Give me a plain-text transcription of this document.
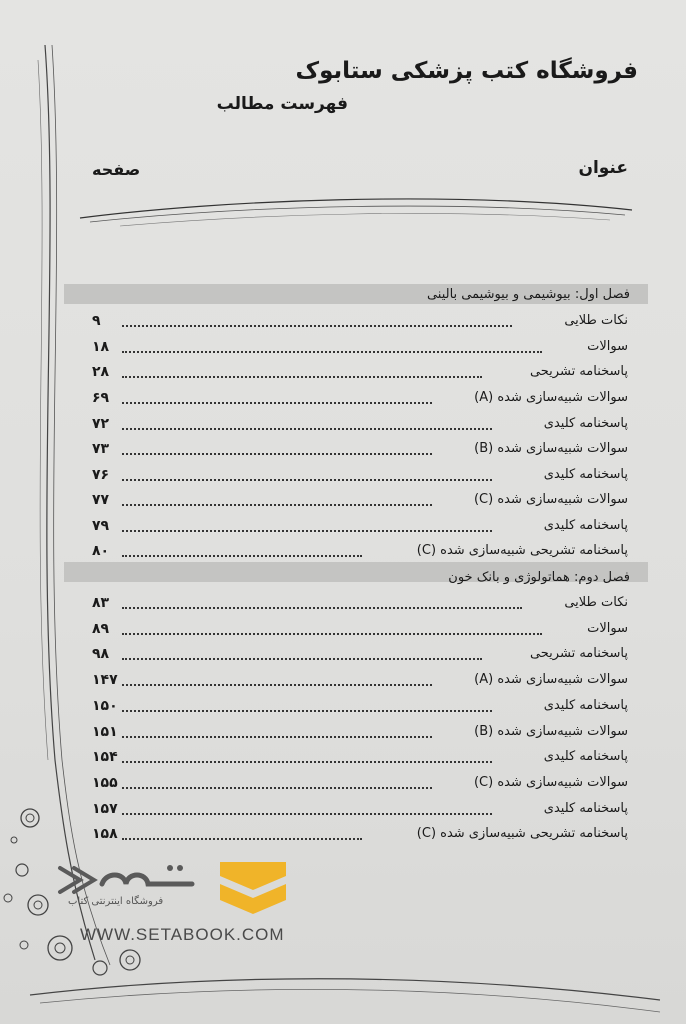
فروشگاه کتب پزشکی ستابوک
فهرست مطالب
عنوان
صفحه
فصل اول: بیوشیمی و بیوشیمی بالینی
نکات طلایی
۹
سوالات
۱۸
پاسخنامه تشریحی
۲۸
سوالات شبیه‌سازی شده (A)
۶۹
پاسخنامه کلیدی
۷۲
سوالات شبیه‌سازی شده (B)
۷۳
پاسخنامه کلیدی
۷۶
سوالات شبیه‌سازی شده (C)
۷۷
پاسخنامه کلیدی
۷۹
پاسخنامه تشریحی شبیه‌سازی شده (C)
۸۰
فصل دوم: هماتولوژی و بانک خون
نکات طلایی
۸۳
سوالات
۸۹
پاسخنامه تشریحی
۹۸
سوالات شبیه‌سازی شده (A)
۱۴۷
پاسخنامه کلیدی
۱۵۰
سوالات شبیه‌سازی شده (B)
۱۵۱
پاسخنامه کلیدی
۱۵۴
سوالات شبیه‌سازی شده (C)
۱۵۵
پاسخنامه کلیدی
۱۵۷
پاسخنامه تشریحی شبیه‌سازی شده (C)
۱۵۸
فروشگاه اینترنتی کتاب
WWW.SETABOOK.COM
